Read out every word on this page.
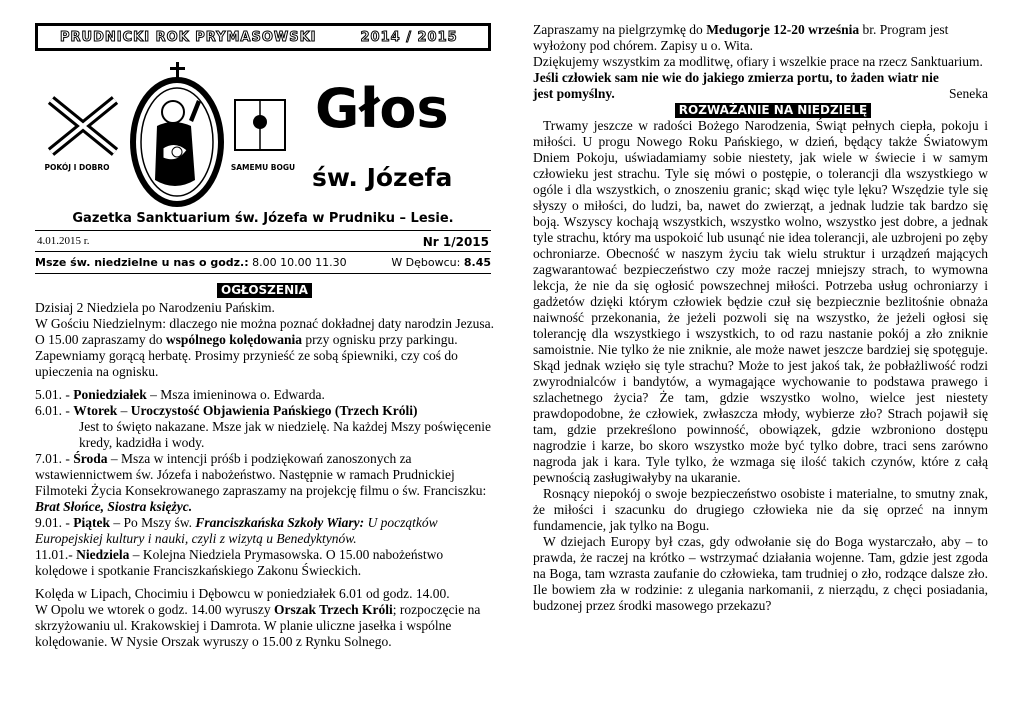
PRUDNICKI ROK PRYMASOWSKI	2014 / 2015
POKÓJ I DOBRO	SAMEMU BOGU
Głos
św. Józefa
Gazetka Sanktuarium św. Józefa w Prudniku – Lesie.
4.01.2015 r.	Nr 1/2015
Msze św. niedzielne u nas o godz.: 8.00 10.00 11.30	W Dębowcu: 8.45
OGŁOSZENIA

Dzisiaj 2 Niedziela po Narodzeniu Pańskim.

W Gościu Niedzielnym: dlaczego nie można poznać dokładnej daty narodzin Jezusa.

O 15.00 zapraszamy do wspólnego kolędowania przy ognisku przy parkingu. Zapewniamy gorącą herbatę. Prosimy przynieść ze sobą śpiewniki, czy coś do upieczenia na ognisku.

5.01. - Poniedziałek – Msza imieninowa o. Edwarda.

6.01. - Wtorek – Uroczystość Objawienia Pańskiego (Trzech Króli)

Jest to święto nakazane. Msze jak w niedzielę. Na każdej Mszy poświęcenie kredy, kadzidła i wody.

7.01. - Środa – Msza w intencji próśb i podziękowań zanoszonych za wstawiennictwem św. Józefa i nabożeństwo. Następnie w ramach Prudnickiej Filmoteki Życia Konsekrowanego zapraszamy na projekcję filmu o św. Franciszku: Brat Słońce, Siostra księżyc.

9.01. - Piątek – Po Mszy św. Franciszkańska Szkoły Wiary: U początków Europejskiej kultury i nauki, czyli z wizytą u Benedyktynów.

11.01.- Niedziela – Kolejna Niedziela Prymasowska. O 15.00 nabożeństwo kolędowe i spotkanie Franciszkańskiego Zakonu Świeckich.

Kolęda w Lipach, Chocimiu i Dębowcu w poniedziałek 6.01 od godz. 14.00.

W Opolu we wtorek o godz. 14.00 wyruszy Orszak Trzech Króli; rozpoczęcie na skrzyżowaniu ul. Krakowskiej i Damrota. W planie uliczne jasełka i wspólne kolędowanie. W Nysie Orszak wyruszy o 15.00 z Rynku Solnego.

Zapraszamy na pielgrzymkę do Medugorje 12-20 września br. Program jest wyłożony pod chórem. Zapisy u o. Wita.

Dziękujemy wszystkim za modlitwę, ofiary i wszelkie prace na rzecz Sanktuarium.

Jeśli człowiek sam nie wie do jakiego zmierza portu, to żaden wiatr nie

jest pomyślny.	Seneka
ROZWAŻANIE NA NIEDZIELĘ

Trwamy jeszcze w radości Bożego Narodzenia, Świąt pełnych ciepła, pokoju i miłości. U progu Nowego Roku Pańskiego, w dzień, będący także Światowym Dniem Pokoju, uświadamiamy sobie niestety, jak wiele w świecie i w samym człowieku jest strachu. Tyle się mówi o postępie, o tolerancji dla wszystkiego w ogóle i dla wszystkich, o znoszeniu granic; skąd więc tyle lęku? Wszędzie tyle się słyszy o miłości, do ludzi, ba, nawet do zwierząt, a jednak ludzie tak bardzo się boją. Wszyscy kochają wszystkich, wszystko wolno, wszystko jest dobre, a jednak tyle strachu, który ma uspokoić lub usunąć nie idea tolerancji, ale uzbrojeni po zęby ochroniarze. Obecność w naszym życiu tak wielu struktur i urządzeń mających zagwarantować bezpieczeństwo czy może raczej mniejszy strach, to wymowna lekcja, że nie da się ogłosić powszechnej miłości. Potrzeba usług ochroniarzy i gadżetów dzięki którym człowiek będzie czuł się bezpiecznie bezlitośnie obnaża naiwność przekonania, że jeżeli pozwoli się na wszystko, że jeżeli ogłosi się tolerancję dla wszystkiego i wszystkich, to od razu nastanie pokój a zło zniknie samoistnie. Nie tylko że nie zniknie, ale może nawet jeszcze bardziej się spotęguje. Skąd jednak wzięło się tyle strachu? Może to jest jakoś tak, że pobłażliwość rodzi zwyrodnialców i bandytów, a wymagające wychowanie to podstawa prawego i szlachetnego życia? Że tam, gdzie wszystko wolno, wielce jest niestety prawdopodobne, że człowiek, zwłaszcza młody, wybierze zło? Strach pojawił się tam, gdzie przekreślono powinność, obowiązek, gdzie wzbroniono dostępu nagrodzie i karze, bo skoro wszystko może być tylko dobre, traci sens zarówno nagroda jak i kara. Tyle tylko, że wzmaga się ilość takich czynów, które z całą pewnością zasługiwałyby na ukaranie.

Rosnący niepokój o swoje bezpieczeństwo osobiste i materialne, to smutny znak, że miłości i szacunku do drugiego człowieka nie da się oprzeć na innym fundamencie, jak tylko na Bogu.

W dziejach Europy był czas, gdy odwołanie się do Boga wystarczało, aby – to prawda, że raczej na krótko – wstrzymać działania wojenne. Tam, gdzie jest zgoda na Boga, tam wzrasta zaufanie do człowieka, tam trudniej o zło, rodzące dalsze zło. Ile bowiem zła w rodzinie: z ulegania narkomanii, z nierządu, z chęci posiadania, budzonej przez środki masowego przekazu?
